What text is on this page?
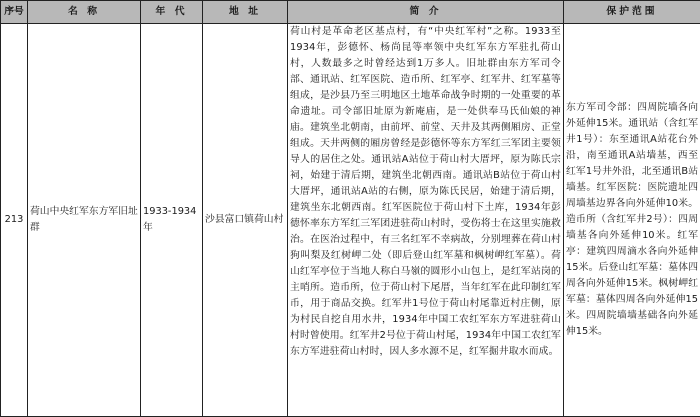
序号	名 称	年 代	地 址	简 介	保护范围
213	荷山中央红军东方军旧址群	1933-1934年	沙县富口镇荷山村	荷山村是革命老区基点村，有“中央红军村”之称。1933至1934年，彭德怀、杨尚昆等率领中央红军东方军驻扎荷山村，人数最多之时曾经达到1万多人。旧址群由东方军司令部、通讯站、红军医院、造币所、红军亭、红军井、红军墓等组成，是沙县乃至三明地区土地革命战争时期的一处重要的革命遗址。司令部旧址原为新庵庙，是一处供奉马氏仙娘的神庙。建筑坐北朝南，由前坪、前堂、天井及其两侧厢房、正堂组成。天井两侧的厢房曾经是彭德怀等东方军红三军团主要领导人的居住之处。通讯站A站位于荷山村大厝坪，原为陈氏宗祠，始建于清后期，建筑坐北朝西南。通讯站B站位于荷山村大厝坪，通讯站A站的右侧，原为陈氏民居，始建于清后期，建筑坐东北朝西南。红军医院位于荷山村下土库，1934年彭德怀率东方军红三军团进驻荷山村时，受伤将士在这里实施救治。在医治过程中，有三名红军不幸病故，分别埋葬在荷山村狗叫梨及红树岬二处（即后登山红军墓和枫树岬红军墓）。荷山红军亭位于当地人称白马嶺的圆形小山包上，是红军站岗的主哨所。造币所，位于荷山村下尾厝，当年红军在此印制红军币，用于商品交换。红军井1号位于荷山村尾靠近村庄侧，原为村民自挖自用水井，1934年中国工农红军东方军进驻荷山村时曾使用。红军井2号位于荷山村尾，1934年中国工农红军东方军进驻荷山村时，因人多水源不足，红军掘井取水而成。	东方军司令部：四周院墙各向外延伸15米。通讯站（含红军井1号）：东至通讯A站花台外沿，南至通讯A站墙基，西至红军1号井外沿，北至通讯B站墙基。红军医院：医院遗址四周墙基边界各向外延伸10米。造币所（含红军井2号）：四周墙基各向外延伸10米。红军亭：建筑四周滴水各向外延伸15米。后登山红军墓：墓体四周各向外延伸15米。枫树岬红军墓：墓体四周各向外延伸15米。四周院墙墙基础各向外延伸15米。
